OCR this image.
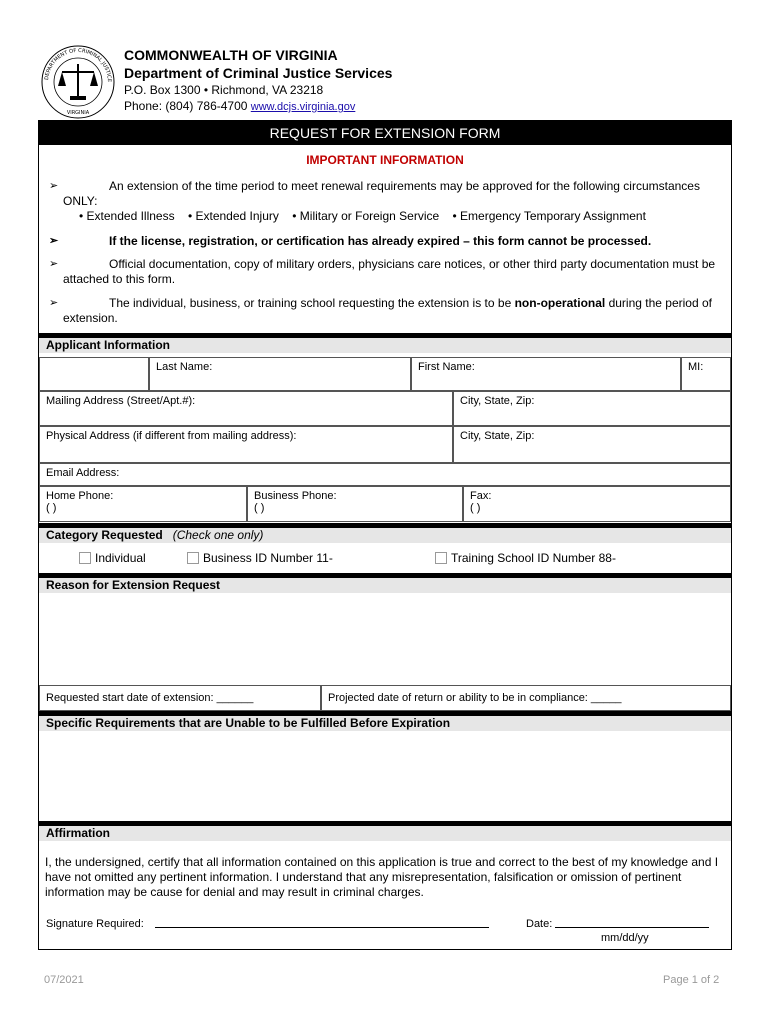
DEPARTMENT OF CRIMINAL JUSTICE
VIRGINIA
COMMONWEALTH OF VIRGINIA
Department of Criminal Justice Services
P.O. Box 1300 • Richmond, VA 23218
Phone: (804) 786-4700 www.dcjs.virginia.gov
REQUEST FOR EXTENSION FORM
IMPORTANT INFORMATION
➢	An extension of the time period to meet renewal requirements may be approved for the following circumstances ONLY:
• Extended Illness • Extended Injury • Military or Foreign Service • Emergency Temporary Assignment
➢	If the license, registration, or certification has already expired – this form cannot be processed.
➢	Official documentation, copy of military orders, physicians care notices, or other third party documentation must be attached to this form.
➢	The individual, business, or training school requesting the extension is to be non-operational during the period of extension.
Applicant Information
Last Name:	First Name:	MI:
Mailing Address (Street/Apt.#):	City, State, Zip:
Physical Address (if different from mailing address):	City, State, Zip:
Email Address:
Home Phone:
( )
Business Phone:
( )
Fax:
( )
Category Requested (Check one only)
Individual	Business ID Number 11-	Training School ID Number 88-
Reason for Extension Request
Requested start date of extension: ______	Projected date of return or ability to be in compliance: _____
Specific Requirements that are Unable to be Fulfilled Before Expiration
Affirmation
I, the undersigned, certify that all information contained on this application is true and correct to the best of my knowledge and I have not omitted any pertinent information. I understand that any misrepresentation, falsification or omission of pertinent information may be cause for denial and may result in criminal charges.
Signature Required:	Date:
mm/dd/yy
07/2021	Page 1 of 2
